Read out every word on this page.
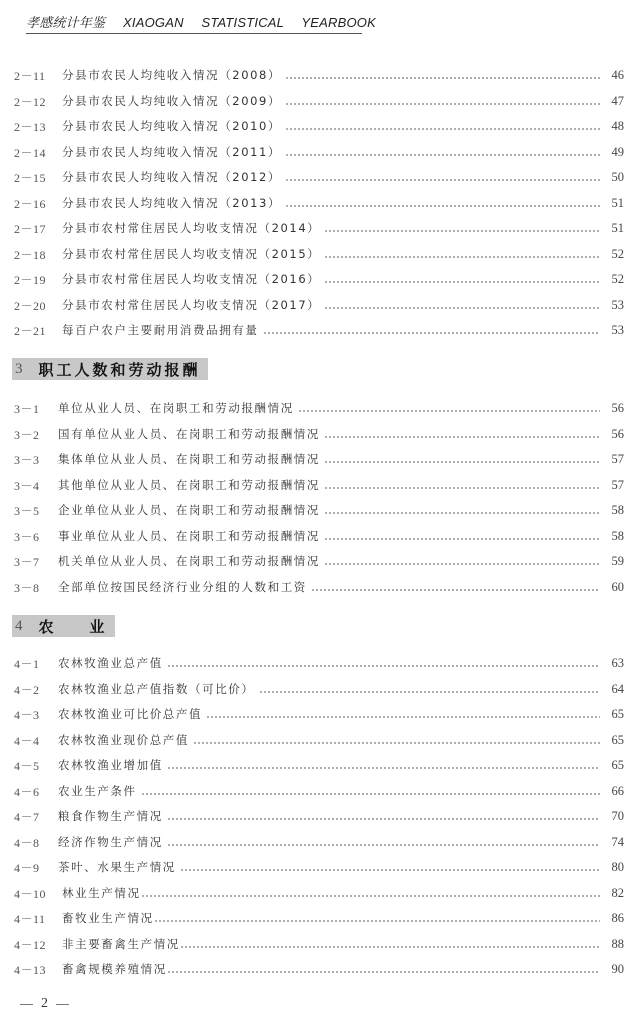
孝感统计年鉴 XIAOGAN STATISTICAL YEARBOOK
2－11	分县市农民人均纯收入情况（2008）	46
2－12	分县市农民人均纯收入情况（2009）	47
2－13	分县市农民人均纯收入情况（2010）	48
2－14	分县市农民人均纯收入情况（2011）	49
2－15	分县市农民人均纯收入情况（2012）	50
2－16	分县市农民人均纯收入情况（2013）	51
2－17	分县市农村常住居民人均收支情况（2014）	51
2－18	分县市农村常住居民人均收支情况（2015）	52
2－19	分县市农村常住居民人均收支情况（2016）	52
2－20	分县市农村常住居民人均收支情况（2017）	53
2－21	每百户农户主要耐用消费品拥有量	53
3 职工人数和劳动报酬
3－1	单位从业人员、在岗职工和劳动报酬情况	56
3－2	国有单位从业人员、在岗职工和劳动报酬情况	56
3－3	集体单位从业人员、在岗职工和劳动报酬情况	57
3－4	其他单位从业人员、在岗职工和劳动报酬情况	57
3－5	企业单位从业人员、在岗职工和劳动报酬情况	58
3－6	事业单位从业人员、在岗职工和劳动报酬情况	58
3－7	机关单位从业人员、在岗职工和劳动报酬情况	59
3－8	全部单位按国民经济行业分组的人数和工资	60
4 农    业
4－1	农林牧渔业总产值	63
4－2	农林牧渔业总产值指数（可比价）	64
4－3	农林牧渔业可比价总产值	65
4－4	农林牧渔业现价总产值	65
4－5	农林牧渔业增加值	65
4－6	农业生产条件	66
4－7	粮食作物生产情况	70
4－8	经济作物生产情况	74
4－9	茶叶、水果生产情况	80
4－10	林业生产情况	82
4－11	畜牧业生产情况	86
4－12	非主要畜禽生产情况	88
4－13	畜禽规模养殖情况	90
2
